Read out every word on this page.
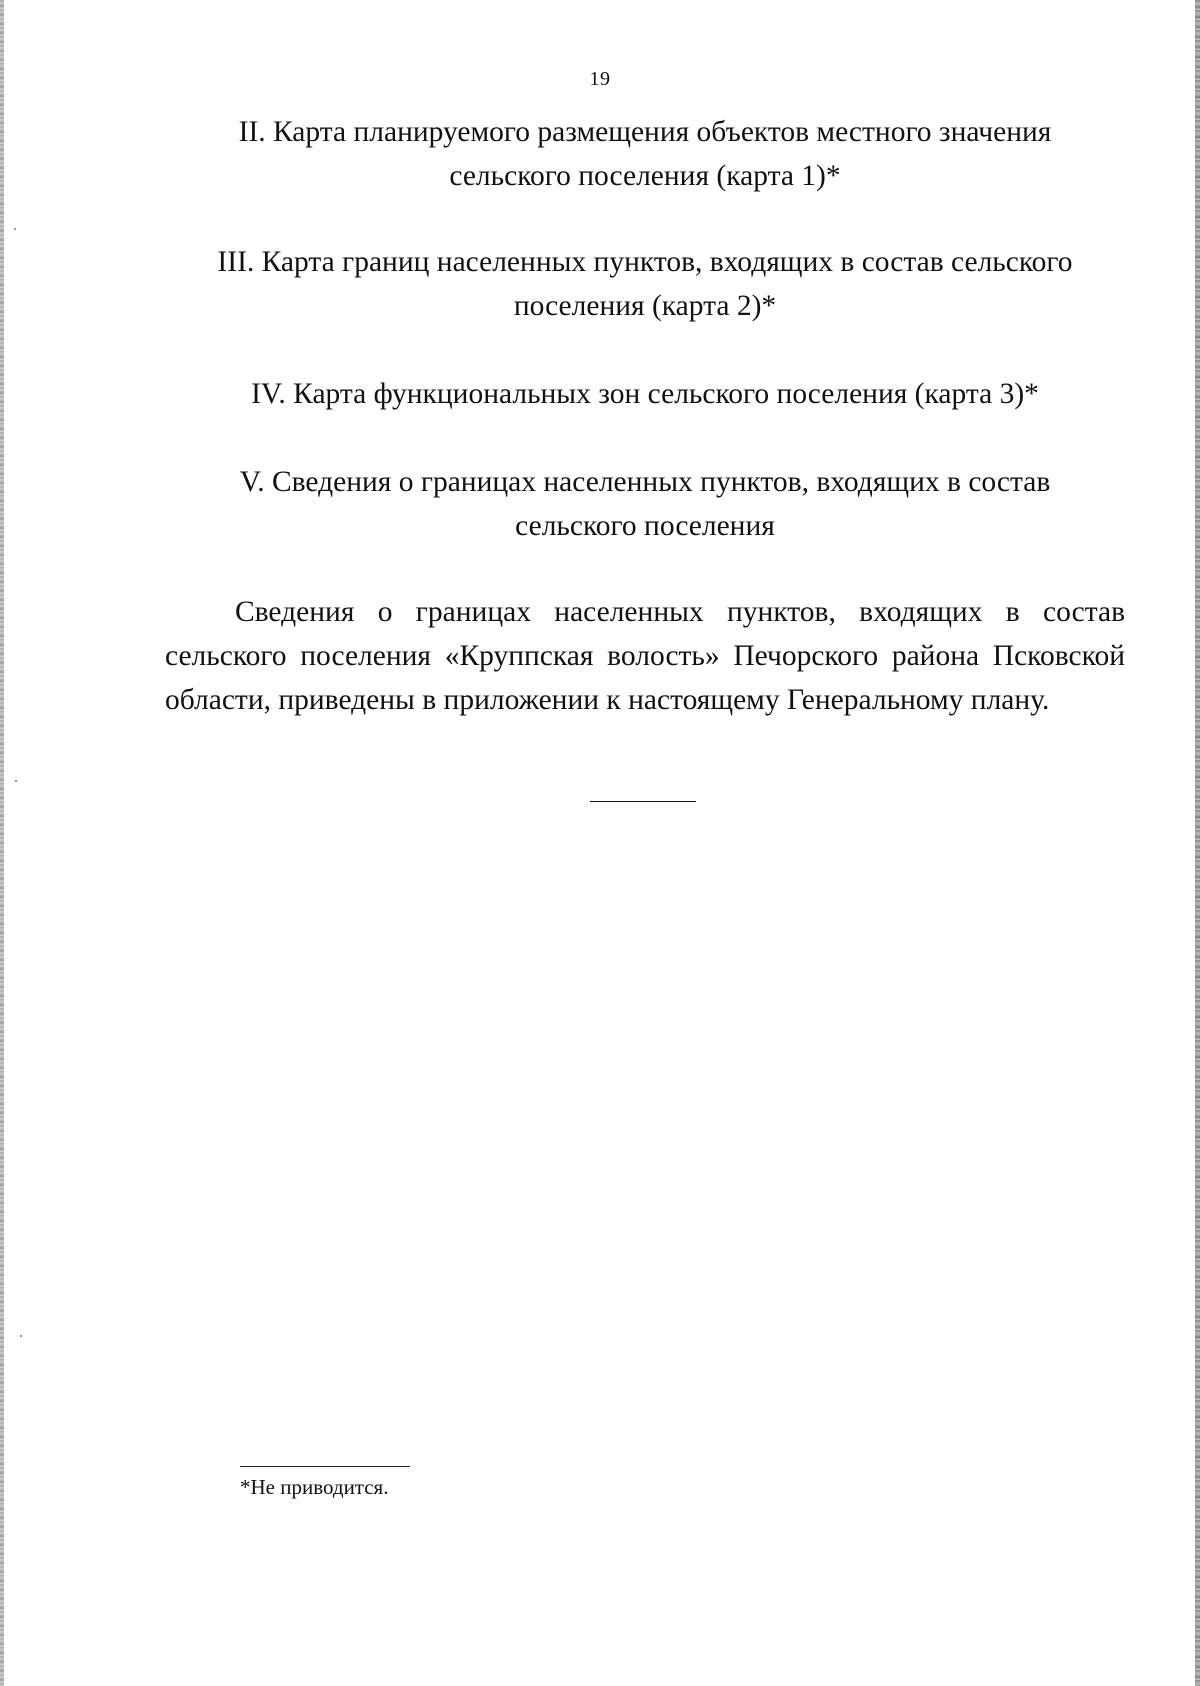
19
II. Карта планируемого размещения объектов местного значения
сельского поселения (карта 1)*
III. Карта границ населенных пунктов, входящих в состав сельского
поселения (карта 2)*
IV. Карта функциональных зон сельского поселения (карта 3)*
V. Сведения о границах населенных пунктов, входящих в состав
сельского поселения
Сведения о границах населенных пунктов, входящих в состав
сельского поселения «Круппская волость» Печорского района Псковской
области, приведены в приложении к настоящему Генеральному плану.
*Не приводится.
